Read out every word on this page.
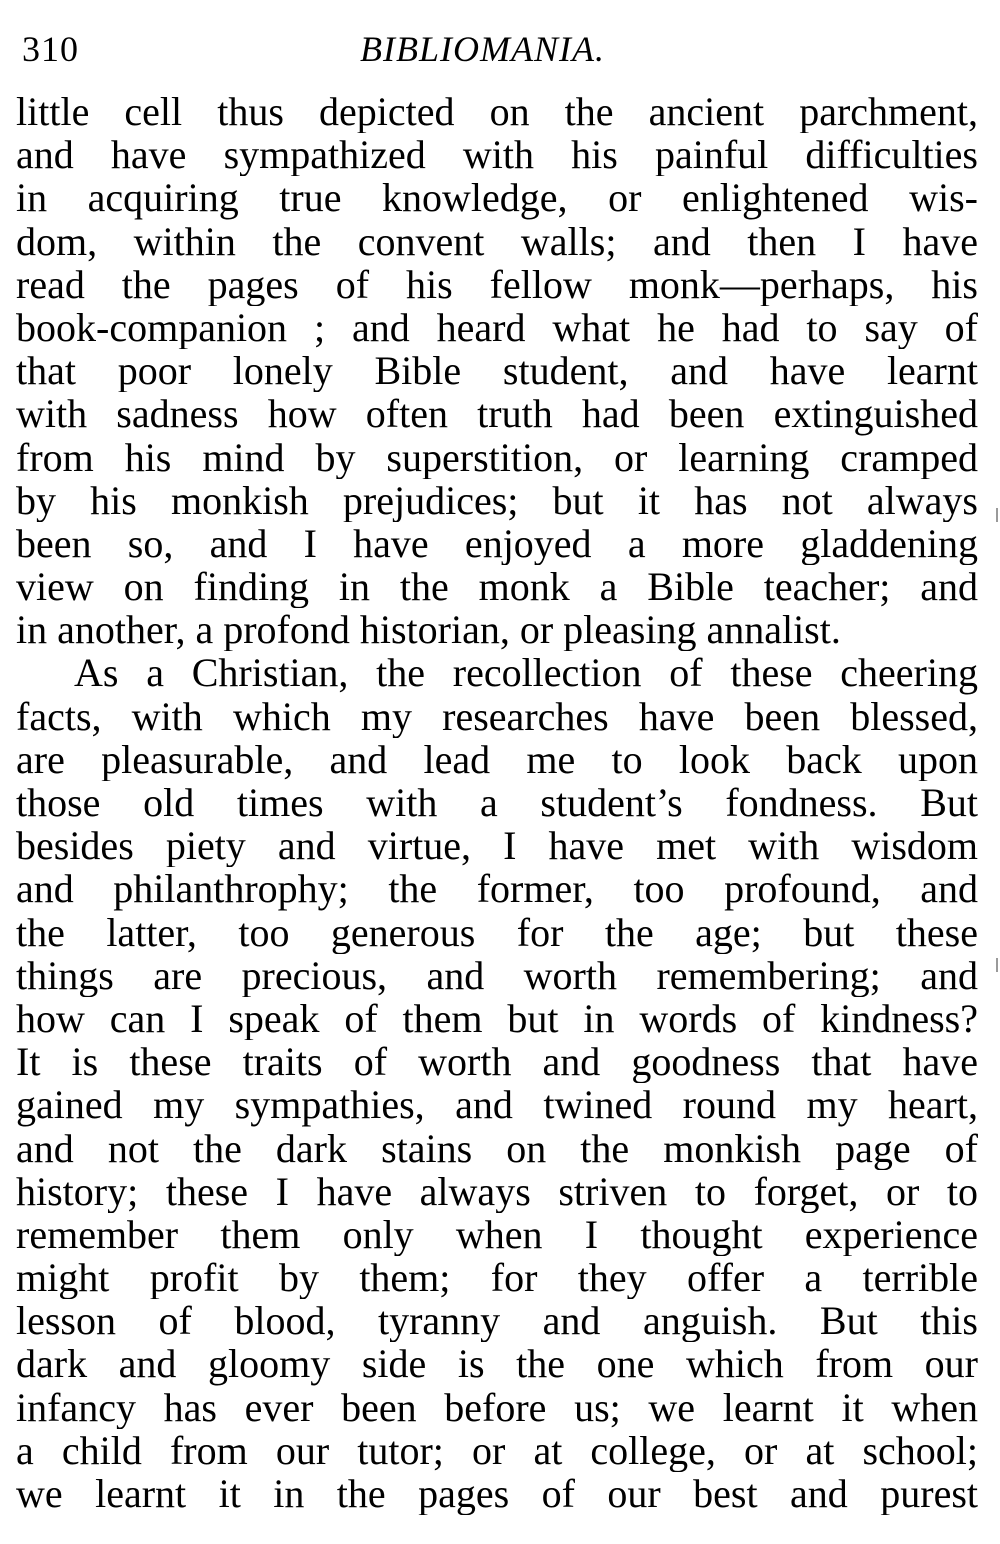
310	BIBLIOMANIA.
little cell thus depicted on the ancient parchment,
and have sympathized with his painful difficulties
in acquiring true knowledge, or enlightened wis-
dom, within the convent walls; and then I have
read the pages of his fellow monk—perhaps, his
book-companion ; and heard what he had to say of
that poor lonely Bible student, and have learnt
with sadness how often truth had been extinguished
from his mind by superstition, or learning cramped
by his monkish prejudices; but it has not always
been so, and I have enjoyed a more gladdening
view on finding in the monk a Bible teacher; and
in another, a profond historian, or pleasing annalist.
As a Christian, the recollection of these cheering
facts, with which my researches have been blessed,
are pleasurable, and lead me to look back upon
those old times with a student’s fondness. But
besides piety and virtue, I have met with wisdom
and philanthrophy; the former, too profound, and
the latter, too generous for the age; but these
things are precious, and worth remembering; and
how can I speak of them but in words of kindness?
It is these traits of worth and goodness that have
gained my sympathies, and twined round my heart,
and not the dark stains on the monkish page of
history; these I have always striven to forget, or to
remember them only when I thought experience
might profit by them; for they offer a terrible
lesson of blood, tyranny and anguish. But this
dark and gloomy side is the one which from our
infancy has ever been before us; we learnt it when
a child from our tutor; or at college, or at school;
we learnt it in the pages of our best and purest
